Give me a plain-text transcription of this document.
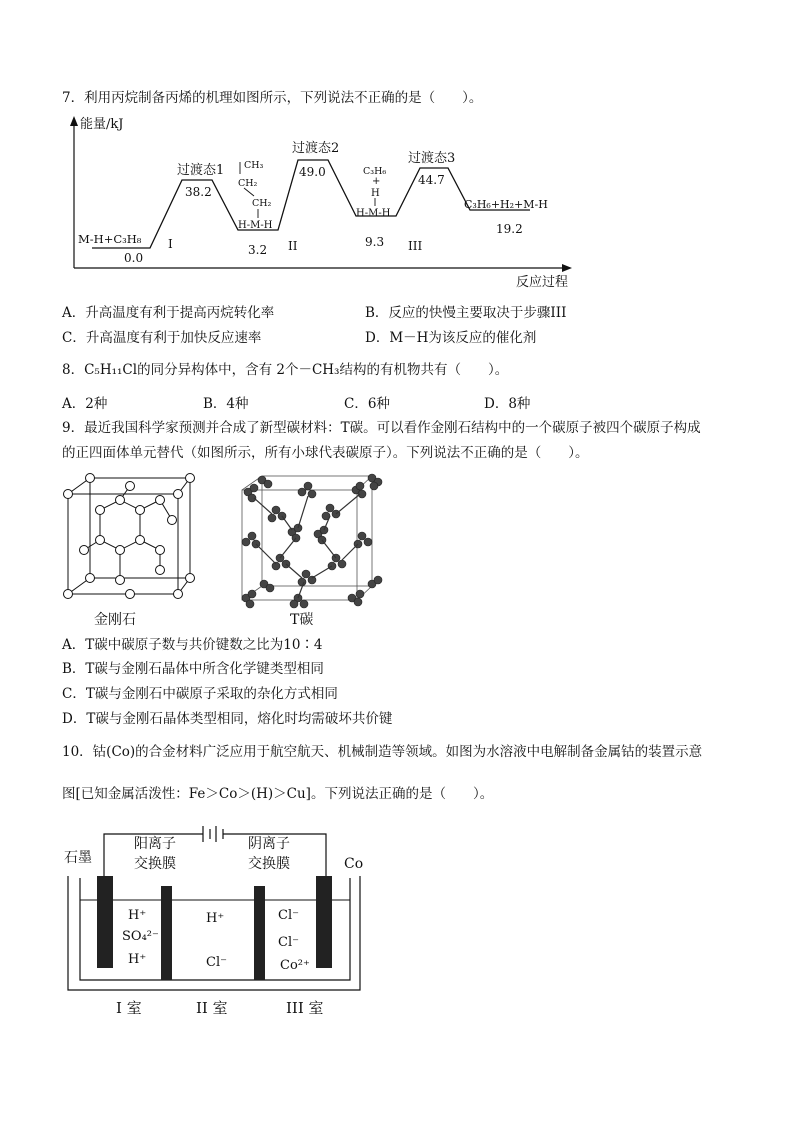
7．利用丙烷制备丙烯的机理如图所示，下列说法不正确的是（　　）。
能量/kJ
反应过程
过渡态1
38.2
过渡态2
49.0
过渡态3
44.7
M-H+C₃H₈
0.0
3.2
9.3
C₃H₆+H₂+M-H
19.2
I	II	III
CH₃
CH₂
CH₂
H-M-H
C₃H₆
+
H
H-M-H
A．升高温度有利于提高丙烷转化率	B．反应的快慢主要取决于步骤III
C．升高温度有利于加快反应速率	D．M－H为该反应的催化剂
8．C₅H₁₁Cl的同分异构体中，含有 2个－CH₃结构的有机物共有（　　）。
A．2种	B．4种	C．6种	D．8种
9．最近我国科学家预测并合成了新型碳材料：T碳。可以看作金刚石结构中的一个碳原子被四个碳原子构成
的正四面体单元替代（如图所示，所有小球代表碳原子）。下列说法不正确的是（　　）。
金刚石	T碳
A．T碳中碳原子数与共价键数之比为10∶4
B．T碳与金刚石晶体中所含化学键类型相同
C．T碳与金刚石中碳原子采取的杂化方式相同
D．T碳与金刚石晶体类型相同，熔化时均需破坏共价键
10．钴(Co)的合金材料广泛应用于航空航天、机械制造等领域。如图为水溶液中电解制备金属钴的装置示意
图[已知金属活泼性：Fe＞Co＞(H)＞Cu]。下列说法正确的是（　　）。
石墨	Co
阳离子
交换膜
阴离子
交换膜
H⁺
SO₄²⁻
H⁺
H⁺
Cl⁻
Cl⁻
Cl⁻
Co²⁺
I 室	II 室	III 室
